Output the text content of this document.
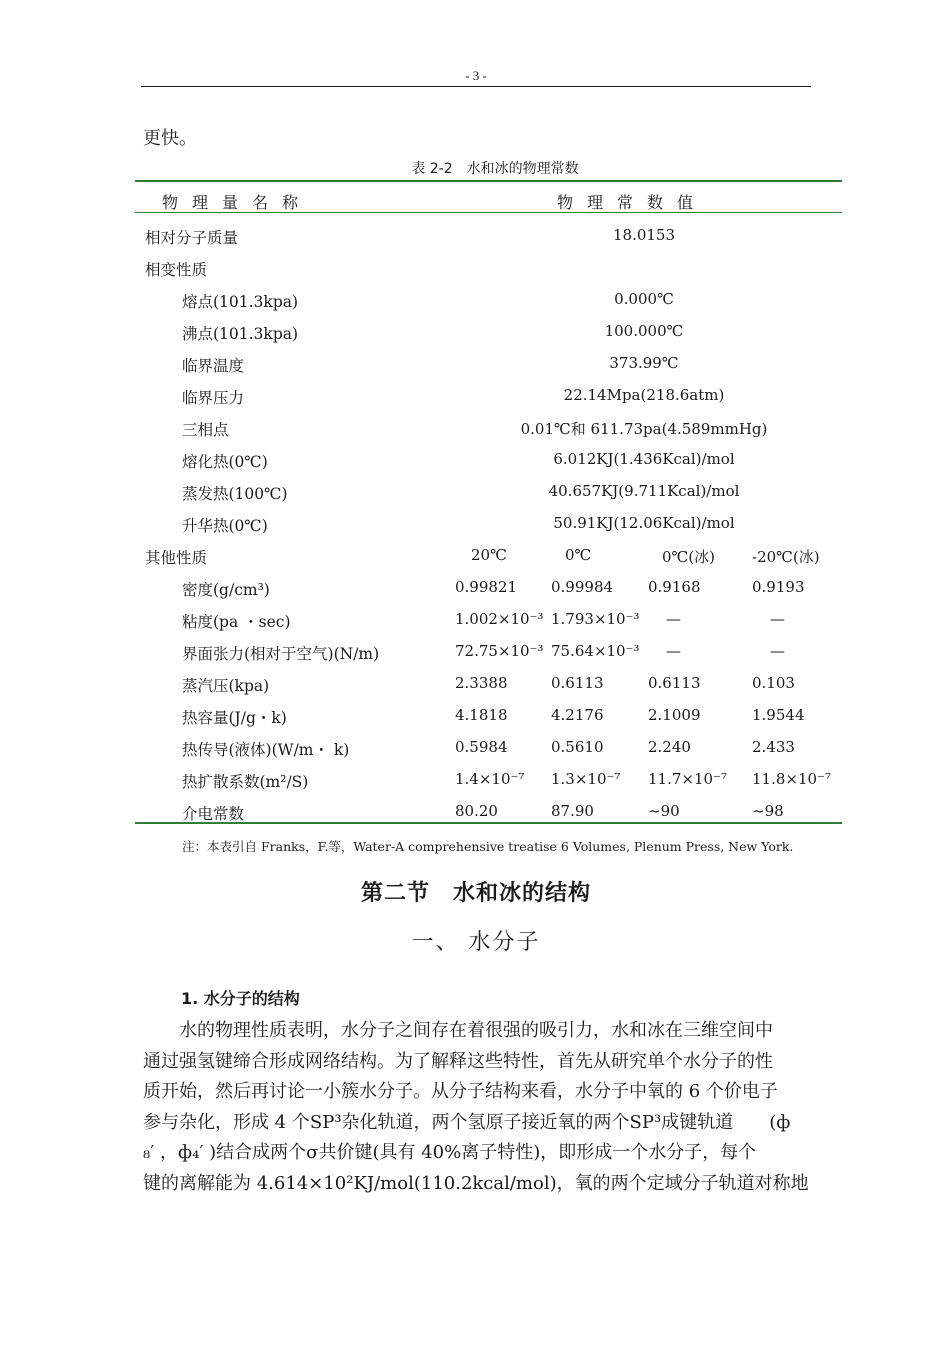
- 3 -
更快。
表 2-2　水和冰的物理常数
物理量名称	物理常数值
相对分子质量	18.0153
相变性质
熔点(101.3kpa)	0.000℃
沸点(101.3kpa)	100.000℃
临界温度	373.99℃
临界压力	22.14Mpa(218.6atm)
三相点	0.01℃和 611.73pa(4.589mmHg)
熔化热(0℃)	6.012KJ(1.436Kcal)/mol
蒸发热(100℃)	40.657KJ(9.711Kcal)/mol
升华热(0℃)	50.91KJ(12.06Kcal)/mol
其他性质	20℃	0℃	0℃(冰) -20℃(冰)
密度(g/cm³)	0.99821 0.99984 0.9168	0.9193
粘度(pa ・sec)	1.002×10⁻³ 1.793×10⁻³ —	—
界面张力(相对于空气)(N/m)	72.75×10⁻³ 75.64×10⁻³ —	—
蒸汽压(kpa)	2.3388	0.6113	0.6113	0.103
热容量(J/g・k)	4.1818	4.2176	2.1009	1.9544
热传导(液体)(W/m・ k)	0.5984	0.5610	2.240	2.433
热扩散系数(m²/S)	1.4×10⁻⁷ 1.3×10⁻⁷ 11.7×10⁻⁷ 11.8×10⁻⁷
介电常数	80.20	87.90	~90	~98
注：本表引自 Franks，F.等，Water-A comprehensive treatise 6 Volumes, Plenum Press, New York.
第二节　水和冰的结构
一、 水分子
1. 水分子的结构
　　水的物理性质表明，水分子之间存在着很强的吸引力，水和冰在三维空间中
通过强氢键缔合形成网络结构。为了解释这些特性，首先从研究单个水分子的性
质开始，然后再讨论一小簇水分子。从分子结构来看，水分子中氧的 6 个价电子
参与杂化，形成 4 个SP³杂化轨道，两个氢原子接近氧的两个SP³成键轨道　　(ф
₈′ ，ф₄′ )结合成两个σ共价键(具有 40%离子特性)，即形成一个水分子，每个
键的离解能为 4.614×10²KJ/mol(110.2kcal/mol)，氧的两个定域分子轨道对称地
